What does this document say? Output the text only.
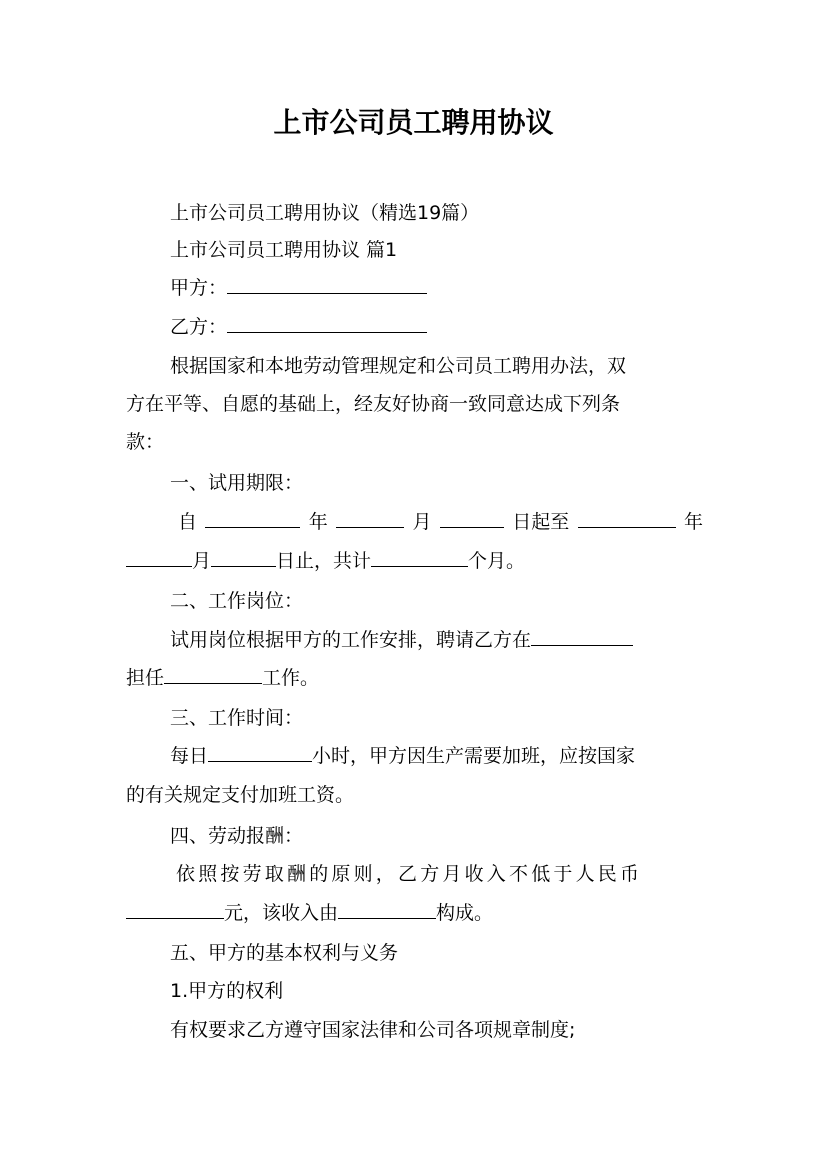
上市公司员工聘用协议
上市公司员工聘用协议（精选19篇）
上市公司员工聘用协议 篇1
甲方：
乙方：
根据国家和本地劳动管理规定和公司员工聘用办法，双
方在平等、自愿的基础上，经友好协商一致同意达成下列条
款：
一、试用期限：
自	年	月	日起至	年
月	日止，共计	个月。
二、工作岗位：
试用岗位根据甲方的工作安排，聘请乙方在
担任	工作。
三、工作时间：
每日	小时，甲方因生产需要加班，应按国家
的有关规定支付加班工资。
四、劳动报酬：
依照按劳取酬的原则，乙方月收入不低于人民币
元，该收入由	构成。
五、甲方的基本权利与义务
1.甲方的权利
有权要求乙方遵守国家法律和公司各项规章制度;
